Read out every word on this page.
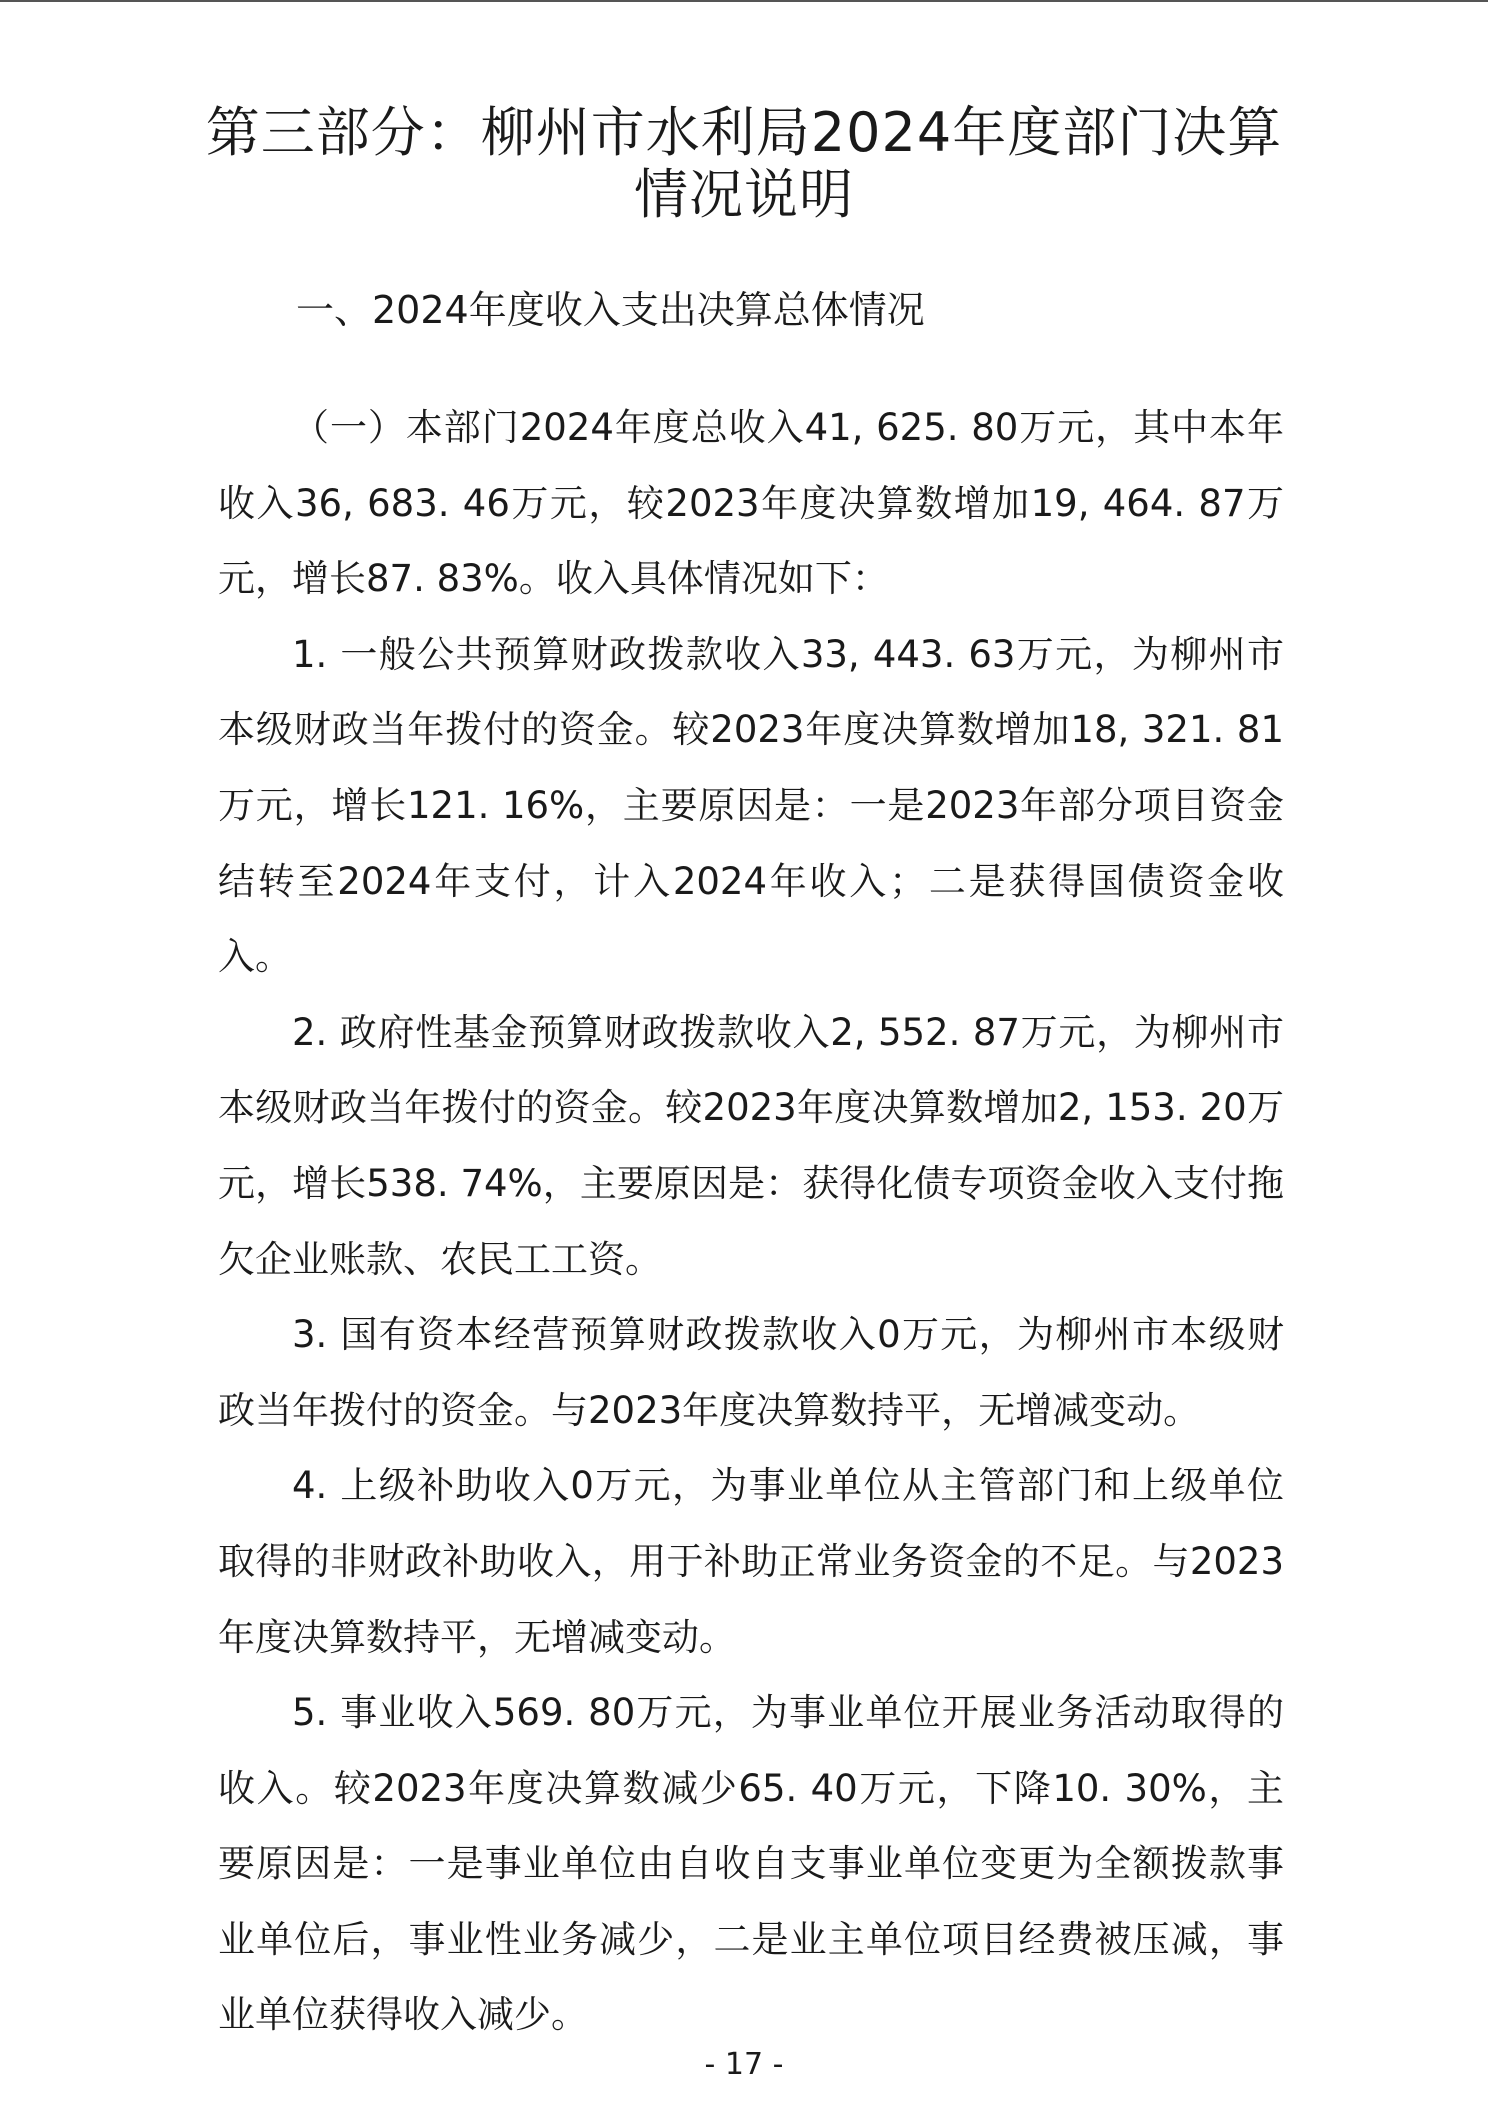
第三部分：柳州市水利局2024年度部门决算情况说明
一、2024年度收入支出决算总体情况

（一）本部门2024年度总收入41, 625. 80万元，其中本年收入36, 683. 46万元，较2023年度决算数增加19, 464. 87万元，增长87. 83%。收入具体情况如下：

1. 一般公共预算财政拨款收入33, 443. 63万元，为柳州市本级财政当年拨付的资金。较2023年度决算数增加18, 321. 81万元，增长121. 16%，主要原因是：一是2023年部分项目资金结转至2024年支付，计入2024年收入；二是获得国债资金收入。

2. 政府性基金预算财政拨款收入2, 552. 87万元，为柳州市本级财政当年拨付的资金。较2023年度决算数增加2, 153. 20万元，增长538. 74%，主要原因是：获得化债专项资金收入支付拖欠企业账款、农民工工资。

3. 国有资本经营预算财政拨款收入0万元，为柳州市本级财政当年拨付的资金。与2023年度决算数持平，无增减变动。

4. 上级补助收入0万元，为事业单位从主管部门和上级单位取得的非财政补助收入，用于补助正常业务资金的不足。与2023年度决算数持平，无增减变动。

5. 事业收入569. 80万元，为事业单位开展业务活动取得的收入。较2023年度决算数减少65. 40万元，下降10. 30%，主要原因是：一是事业单位由自收自支事业单位变更为全额拨款事业单位后，事业性业务减少，二是业主单位项目经费被压减，事业单位获得收入减少。

- 17 -
